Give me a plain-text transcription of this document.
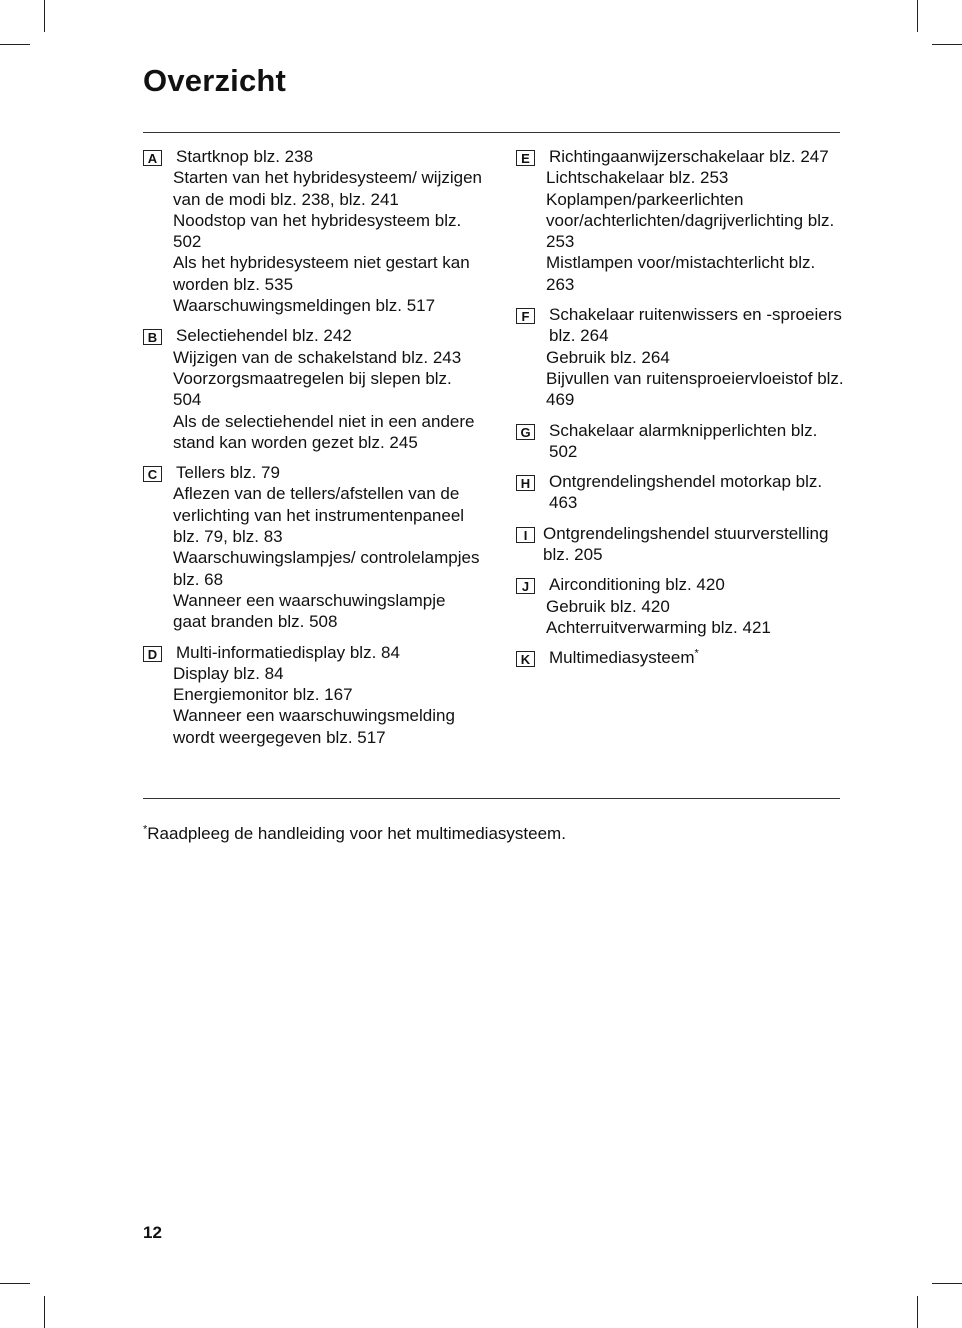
Overzicht
A	Startknop blz. 238
Starten van het hybridesysteem/ wijzigen van de modi blz. 238, blz. 241
Noodstop van het hybridesysteem blz. 502
Als het hybridesysteem niet gestart kan worden blz. 535
Waarschuwingsmeldingen blz. 517
B	Selectiehendel blz. 242
Wijzigen van de schakelstand blz. 243
Voorzorgsmaatregelen bij slepen blz. 504
Als de selectiehendel niet in een andere stand kan worden gezet blz. 245
C	Tellers blz. 79
Aflezen van de tellers/afstellen van de verlichting van het instrumentenpaneel blz. 79, blz. 83
Waarschuwingslampjes/ controlelampjes blz. 68
Wanneer een waarschuwingslampje gaat branden blz. 508
D	Multi-informatiedisplay blz. 84
Display blz. 84
Energiemonitor blz. 167
Wanneer een waarschuwingsmelding wordt weergegeven blz. 517
E	Richtingaanwijzerschakelaar blz. 247
Lichtschakelaar blz. 253
Koplampen/parkeerlichten voor/achterlichten/dagrijverlichting blz. 253
Mistlampen voor/mistachterlicht blz. 263
F	Schakelaar ruitenwissers en -sproeiers blz. 264
Gebruik blz. 264
Bijvullen van ruitensproeiervloeistof blz. 469
G	Schakelaar alarmknipperlichten blz. 502
H	Ontgrendelingshendel motorkap blz. 463
I Ontgrendelingshendel stuurverstelling blz. 205
J	Airconditioning blz. 420
Gebruik blz. 420
Achterruitverwarming blz. 421
K	Multimediasysteem*
*Raadpleeg de handleiding voor het multimediasysteem.
12
